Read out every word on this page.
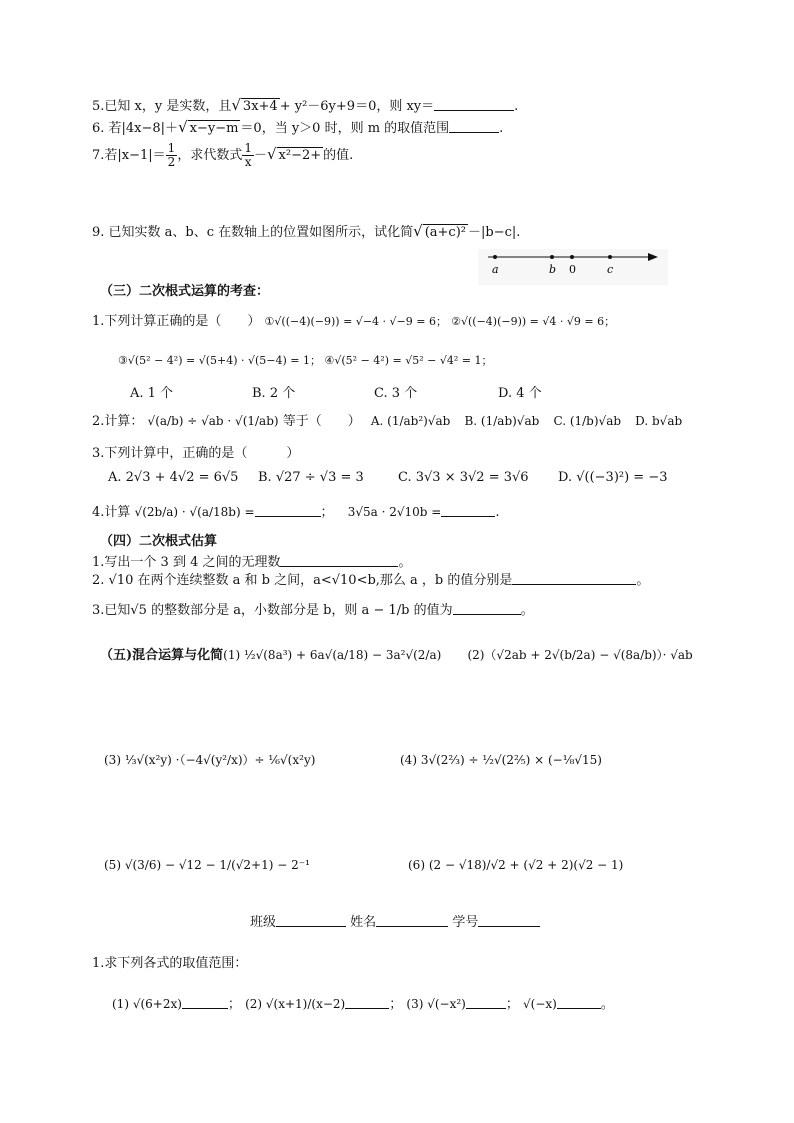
5.已知 x，y 是实数，且√ 3x+4 + y²－6y+9＝0，则 xy＝	.
6. 若|4x−8|＋√ x−y−m ＝0，当 y＞0 时，则 m 的取值范围	.
7.若$|x-1|= \frac{1}{2}$ ，求代数式 $\frac{1}{x}$ －√ x²−2+ 的值.
9. 已知实数 a、b、c 在数轴上的位置如图所示，试化简√ (a+c)² －|b−c|.
a	b 0	c
（三）二次根式运算的考查：
1.下列计算正确的是（　　） ①√((−4)(−9)) = √−4 · √−9 = 6； ②√((−4)(−9)) = √4 · √9 = 6；
③√(5² − 4²) = √(5+4) · √(5−4) = 1； ④√(5² − 4²) = √5² − √4² = 1；
A. 1 个	B. 2 个	C. 3 个	D. 4 个
2.计算： √(a/b) ÷ √ab · √(1/ab) 等于（　　） A. (1/ab²)√ab B. (1/ab)√ab C. (1/b)√ab D. b√ab
3.下列计算中，正确的是（　　　）
A. 2√3 + 4√2 = 6√5 B. √27 ÷ √3 = 3	C. 3√3 × 3√2 = 3√6 D. √((−3)²) = −3
4.计算 √(2b/a) · √(a/18b) =	； 3√5a · 2√10b =	.
（四）二次根式估算
1.写出一个 3 到 4 之间的无理数	。
2. √10 在两个连续整数 a 和 b 之间，a<√10<b,那么 a ，b 的值分别是	。
3.已知√5 的整数部分是 a，小数部分是 b，则 a − 1/b 的值为	。
（五)混合运算与化简(1) ½√(8a³) + 6a√(a/18) − 3a²√(2/a) (2)（√2ab + 2√(b/2a) − √(8a/b)）· √ab
(3) ⅓√(x²y) ·（−4√(y²/x)）÷ ⅙√(x²y)	(4) 3√(2⅔) ÷ ½√(2⅖) × (−⅛√15)
(5) √(3/6) − √12 − 1/(√2+1) − 2⁻¹	(6) (2 − √18)/√2 + (√2 + 2)(√2 − 1)
班级	姓名	学号
1.求下列各式的取值范围：
(1) √(6+2x)	； (2) √(x+1)/(x−2)	； (3) √(−x²)	； √(−x)	。
